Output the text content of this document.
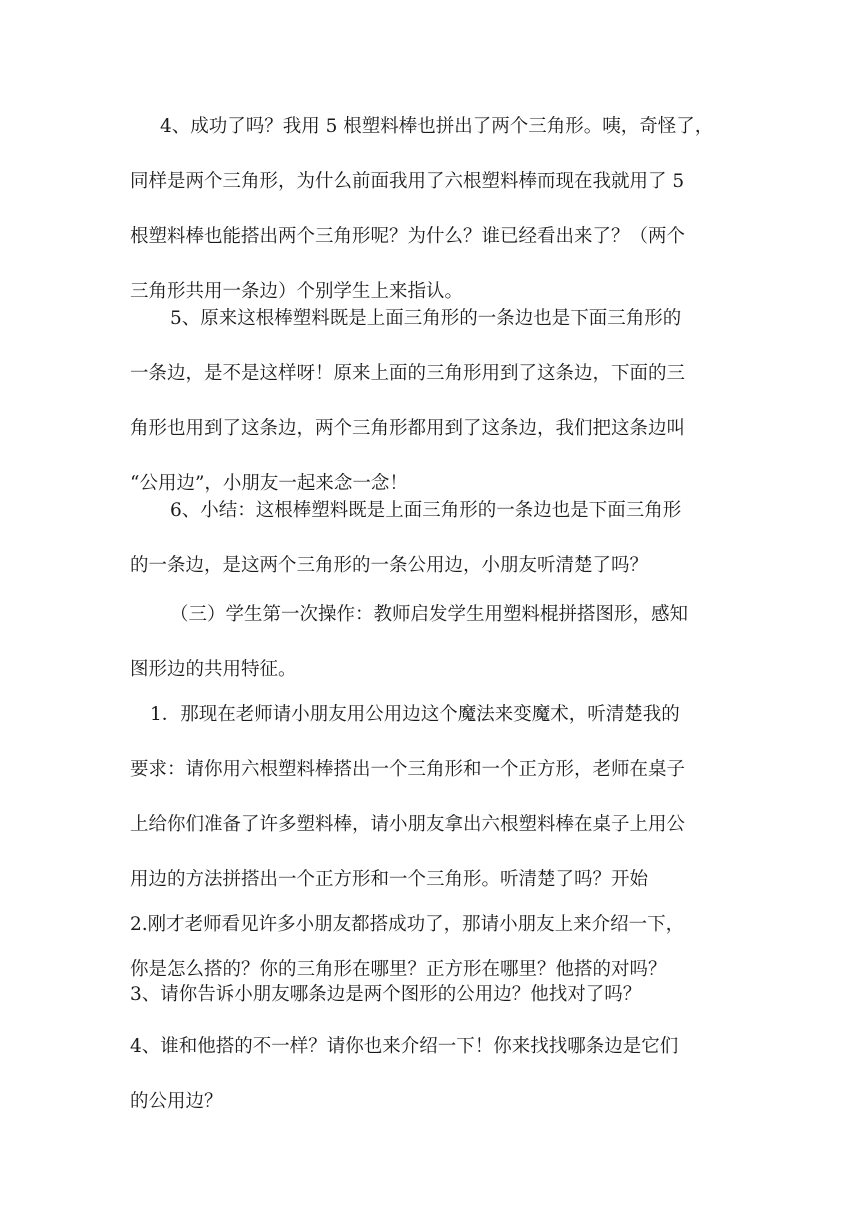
4、成功了吗？我用 5 根塑料棒也拼出了两个三角形。咦，奇怪了，
同样是两个三角形，为什么前面我用了六根塑料棒而现在我就用了 5
根塑料棒也能搭出两个三角形呢？为什么？谁已经看出来了？（两个
三角形共用一条边）个别学生上来指认。
5、原来这根棒塑料既是上面三角形的一条边也是下面三角形的
一条边，是不是这样呀！原来上面的三角形用到了这条边，下面的三
角形也用到了这条边，两个三角形都用到了这条边，我们把这条边叫
“公用边”，小朋友一起来念一念！
6、小结：这根棒塑料既是上面三角形的一条边也是下面三角形
的一条边，是这两个三角形的一条公用边，小朋友听清楚了吗？
（三）学生第一次操作：教师启发学生用塑料棍拼搭图形，感知
图形边的共用特征。
1．那现在老师请小朋友用公用边这个魔法来变魔术，听清楚我的
要求：请你用六根塑料棒搭出一个三角形和一个正方形，老师在桌子
上给你们准备了许多塑料棒，请小朋友拿出六根塑料棒在桌子上用公
用边的方法拼搭出一个正方形和一个三角形。听清楚了吗？开始
2.刚才老师看见许多小朋友都搭成功了，那请小朋友上来介绍一下，
你是怎么搭的？你的三角形在哪里？正方形在哪里？他搭的对吗？
3、请你告诉小朋友哪条边是两个图形的公用边？他找对了吗？
4、谁和他搭的不一样？请你也来介绍一下！你来找找哪条边是它们
的公用边？
